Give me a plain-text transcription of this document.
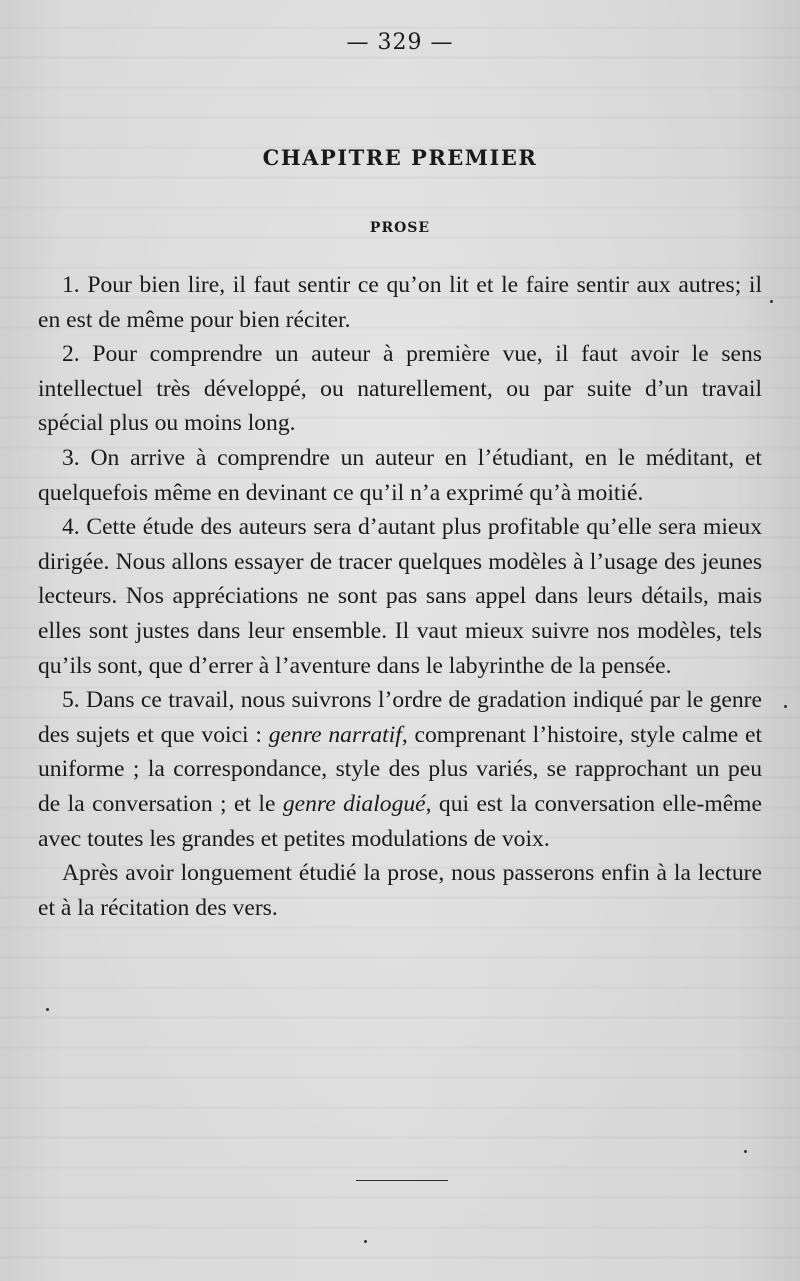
— 329 —
CHAPITRE PREMIER
PROSE

1. Pour bien lire, il faut sentir ce qu’on lit et le faire sentir aux autres; il en est de même pour bien réciter.

2. Pour comprendre un auteur à première vue, il faut avoir le sens intellectuel très développé, ou naturellement, ou par suite d’un travail spécial plus ou moins long.

3. On arrive à comprendre un auteur en l’étudiant, en le méditant, et quelquefois même en devinant ce qu’il n’a exprimé qu’à moitié.

4. Cette étude des auteurs sera d’autant plus profitable qu’elle sera mieux dirigée. Nous allons essayer de tracer quelques modèles à l’usage des jeunes lecteurs. Nos appréciations ne sont pas sans appel dans leurs détails, mais elles sont justes dans leur ensemble. Il vaut mieux suivre nos modèles, tels qu’ils sont, que d’errer à l’aventure dans le labyrinthe de la pensée.

5. Dans ce travail, nous suivrons l’ordre de gradation indiqué par le genre des sujets et que voici : genre narratif, comprenant l’histoire, style calme et uniforme ; la correspondance, style des plus variés, se rapprochant un peu de la conversation ; et le genre dialogué, qui est la conversation elle-même avec toutes les grandes et petites modulations de voix.

Après avoir longuement étudié la prose, nous passerons enfin à la lecture et à la récitation des vers.
